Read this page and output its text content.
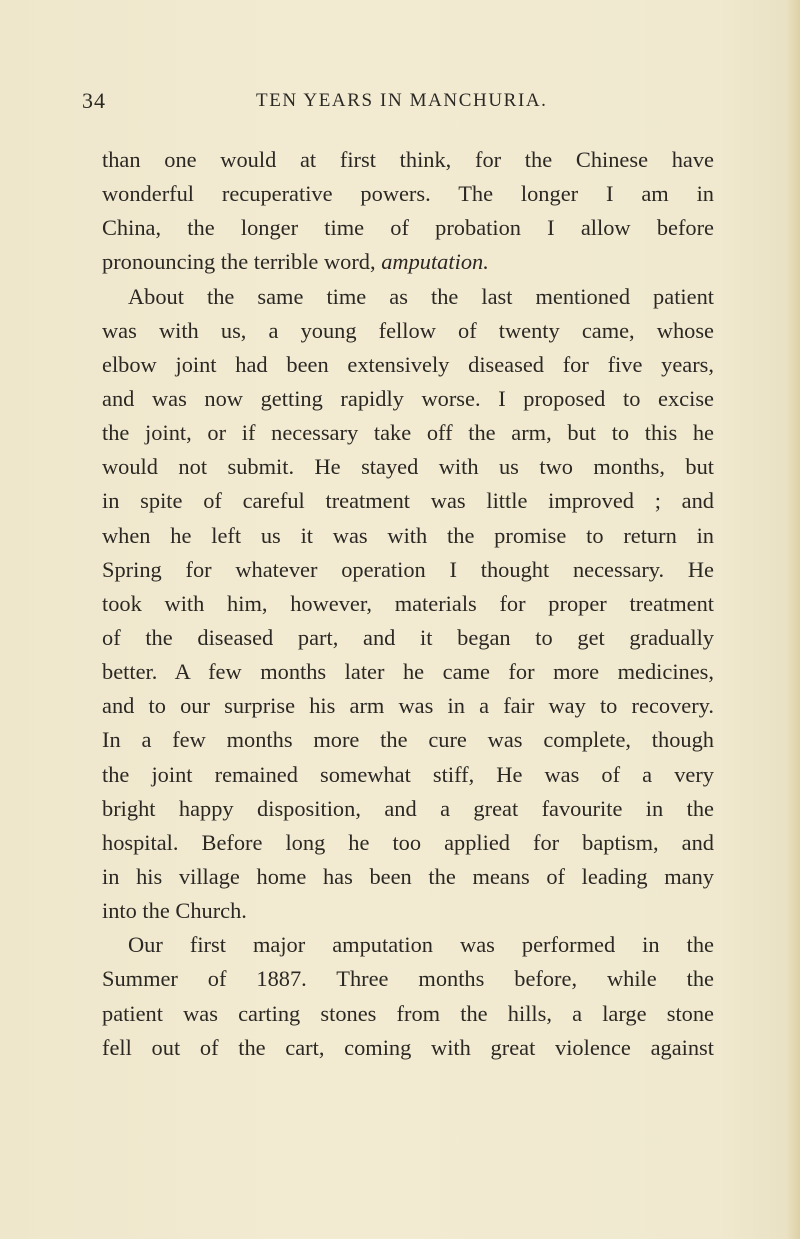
34	TEN YEARS IN MANCHURIA.
than one would at first think, for the Chinese have
wonderful recuperative powers. The longer I am in
China, the longer time of probation I allow before
pronouncing the terrible word, amputation.
About the same time as the last mentioned patient
was with us, a young fellow of twenty came, whose
elbow joint had been extensively diseased for five years,
and was now getting rapidly worse. I proposed to excise
the joint, or if necessary take off the arm, but to this he
would not submit. He stayed with us two months, but
in spite of careful treatment was little improved ; and
when he left us it was with the promise to return in
Spring for whatever operation I thought necessary. He
took with him, however, materials for proper treatment
of the diseased part, and it began to get gradually
better. A few months later he came for more medicines,
and to our surprise his arm was in a fair way to recovery.
In a few months more the cure was complete, though
the joint remained somewhat stiff, He was of a very
bright happy disposition, and a great favourite in the
hospital. Before long he too applied for baptism, and
in his village home has been the means of leading many
into the Church.
Our first major amputation was performed in the
Summer of 1887. Three months before, while the
patient was carting stones from the hills, a large stone
fell out of the cart, coming with great violence against
